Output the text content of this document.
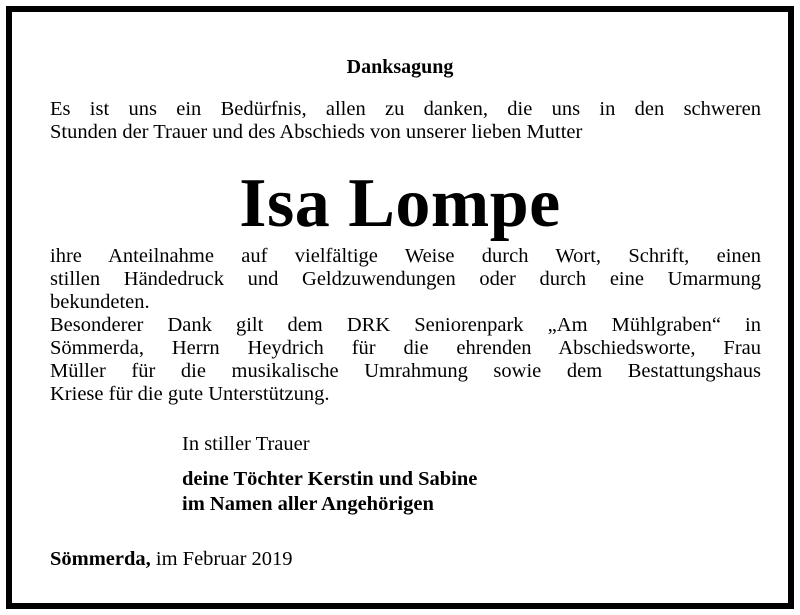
Danksagung
Es ist uns ein Bedürfnis, allen zu danken, die uns in den schweren
Stunden der Trauer und des Abschieds von unserer lieben Mutter
Isa Lompe
ihre Anteilnahme auf vielfältige Weise durch Wort, Schrift, einen
stillen Händedruck und Geldzuwendungen oder durch eine Umarmung
bekundeten.
Besonderer Dank gilt dem DRK Seniorenpark „Am Mühlgraben“ in
Sömmerda, Herrn Heydrich für die ehrenden Abschiedsworte, Frau
Müller für die musikalische Umrahmung sowie dem Bestattungshaus
Kriese für die gute Unterstützung.
In stiller Trauer
deine Töchter Kerstin und Sabine
im Namen aller Angehörigen
Sömmerda, im Februar 2019
